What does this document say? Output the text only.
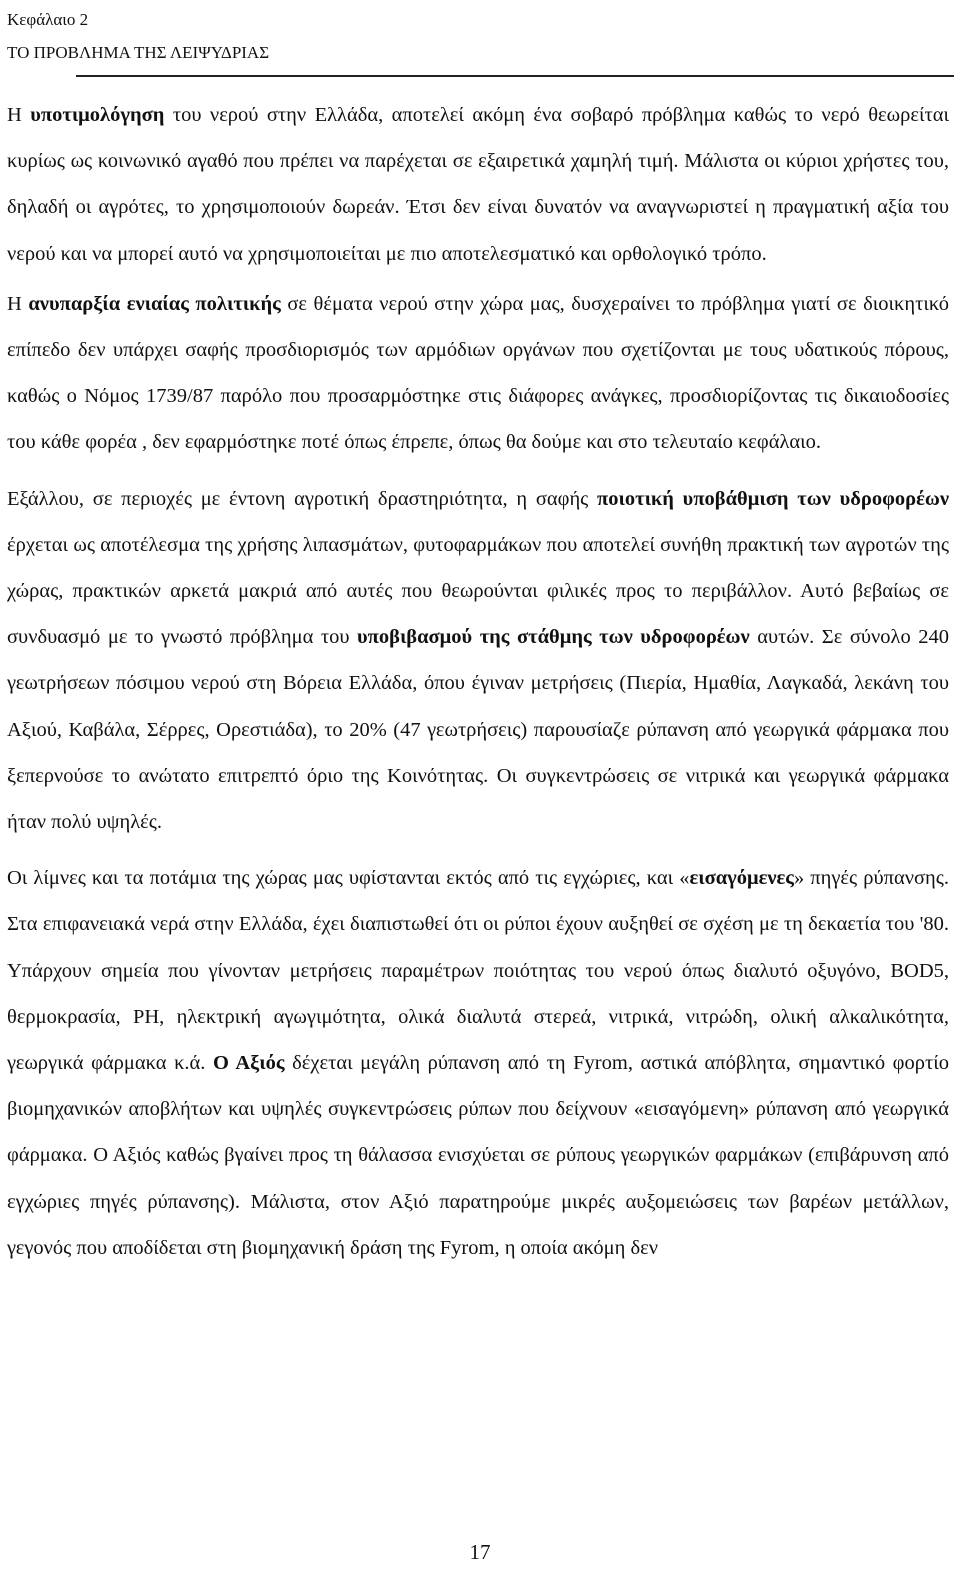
Κεφάλαιο 2
ΤΟ ΠΡΟΒΛΗΜΑ ΤΗΣ ΛΕΙΨΥΔΡΙΑΣ

Η υποτιμολόγηση του νερού στην Ελλάδα, αποτελεί ακόμη ένα σοβαρό πρόβλημα καθώς το νερό θεωρείται κυρίως ως κοινωνικό αγαθό που πρέπει να παρέχεται σε εξαιρετικά χαμηλή τιμή. Μάλιστα οι κύριοι χρήστες του, δηλαδή οι αγρότες, το χρησιμοποιούν δωρεάν. Έτσι δεν είναι δυνατόν να αναγνωριστεί η πραγματική αξία του νερού και να μπορεί αυτό να χρησιμοποιείται με πιο αποτελεσματικό και ορθολογικό τρόπο.

Η ανυπαρξία ενιαίας πολιτικής σε θέματα νερού στην χώρα μας, δυσχεραίνει το πρόβλημα γιατί σε διοικητικό επίπεδο δεν υπάρχει σαφής προσδιορισμός των αρμόδιων οργάνων που σχετίζονται με τους υδατικούς πόρους, καθώς ο Νόμος 1739/87 παρόλο που προσαρμόστηκε στις διάφορες ανάγκες, προσδιορίζοντας τις δικαιοδοσίες του κάθε φορέα , δεν εφαρμόστηκε ποτέ όπως έπρεπε, όπως θα δούμε και στο τελευταίο κεφάλαιο.

Εξάλλου, σε περιοχές με έντονη αγροτική δραστηριότητα, η σαφής ποιοτική υποβάθμιση των υδροφορέων έρχεται ως αποτέλεσμα της χρήσης λιπασμάτων, φυτοφαρμάκων που αποτελεί συνήθη πρακτική των αγροτών της χώρας, πρακτικών αρκετά μακριά από αυτές που θεωρούνται φιλικές προς το περιβάλλον. Αυτό βεβαίως σε συνδυασμό με το γνωστό πρόβλημα του υποβιβασμού της στάθμης των υδροφορέων αυτών. Σε σύνολο 240 γεωτρήσεων πόσιμου νερού στη Βόρεια Ελλάδα, όπου έγιναν μετρήσεις (Πιερία, Ημαθία, Λαγκαδά, λεκάνη του Αξιού, Καβάλα, Σέρρες, Ορεστιάδα), το 20% (47 γεωτρήσεις) παρουσίαζε ρύπανση από γεωργικά φάρμακα που ξεπερνούσε το ανώτατο επιτρεπτό όριο της Κοινότητας. Οι συγκεντρώσεις σε νιτρικά και γεωργικά φάρμακα ήταν πολύ υψηλές.

Οι λίμνες και τα ποτάμια της χώρας μας υφίστανται εκτός από τις εγχώριες, και «εισαγόμενες» πηγές ρύπανσης. Στα επιφανειακά νερά στην Ελλάδα, έχει διαπιστωθεί ότι οι ρύποι έχουν αυξηθεί σε σχέση με τη δεκαετία του '80. Υπάρχουν σημεία που γίνονταν μετρήσεις παραμέτρων ποιότητας του νερού όπως διαλυτό οξυγόνο, BOD5, θερμοκρασία, PH, ηλεκτρική αγωγιμότητα, ολικά διαλυτά στερεά, νιτρικά, νιτρώδη, ολική αλκαλικότητα, γεωργικά φάρμακα κ.ά. Ο Αξιός δέχεται μεγάλη ρύπανση από τη Fyrom, αστικά απόβλητα, σημαντικό φορτίο βιομηχανικών αποβλήτων και υψηλές συγκεντρώσεις ρύπων που δείχνουν «εισαγόμενη» ρύπανση από γεωργικά φάρμακα. Ο Αξιός καθώς βγαίνει προς τη θάλασσα ενισχύεται σε ρύπους γεωργικών φαρμάκων (επιβάρυνση από εγχώριες πηγές ρύπανσης). Μάλιστα, στον Αξιό παρατηρούμε μικρές αυξομειώσεις των βαρέων μετάλλων, γεγονός που αποδίδεται στη βιομηχανική δράση της Fyrom, η οποία ακόμη δεν

17
